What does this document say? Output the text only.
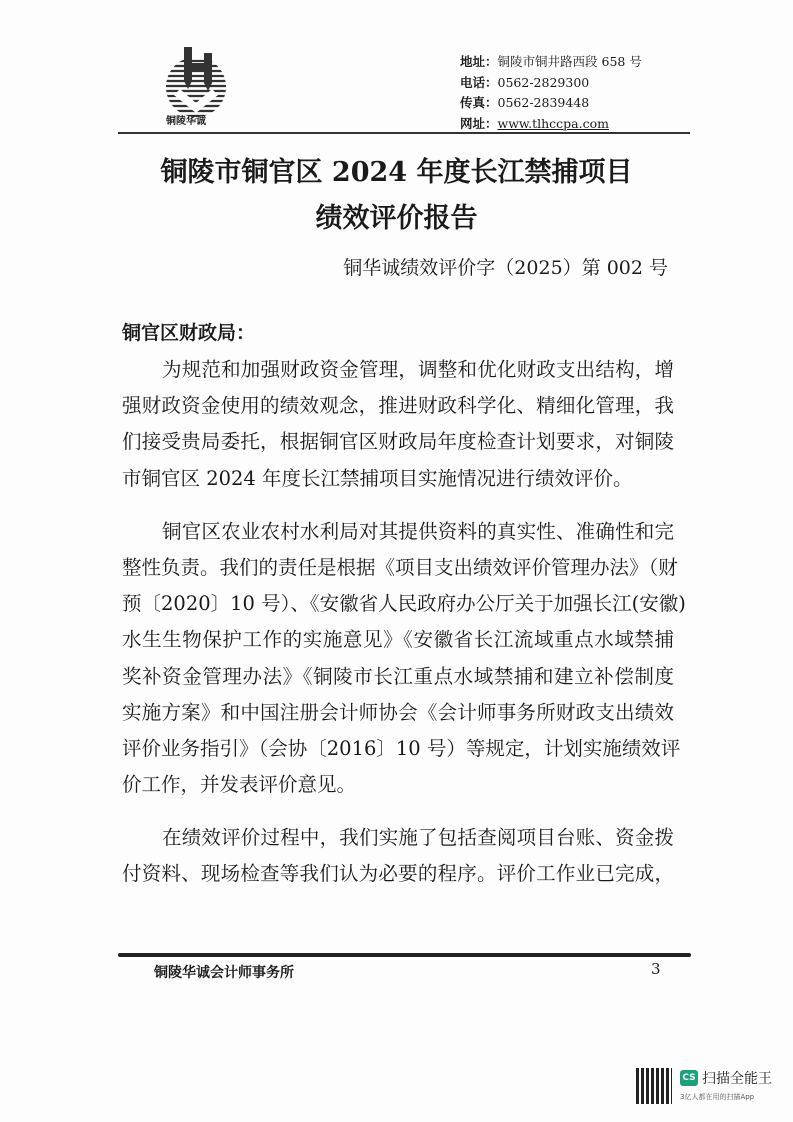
铜陵华诚
地址：铜陵市铜井路西段 658 号
电话：0562-2829300
传真：0562-2839448
网址：www.tlhccpa.com
铜陵市铜官区 2024 年度长江禁捕项目
绩效评价报告
铜华诚绩效评价字（2025）第 002 号
铜官区财政局：
为规范和加强财政资金管理，调整和优化财政支出结构，增
强财政资金使用的绩效观念，推进财政科学化、精细化管理，我
们接受贵局委托，根据铜官区财政局年度检查计划要求，对铜陵
市铜官区 2024 年度长江禁捕项目实施情况进行绩效评价。
铜官区农业农村水利局对其提供资料的真实性、准确性和完
整性负责。我们的责任是根据《项目支出绩效评价管理办法》（财
预〔2020〕10 号）、《安徽省人民政府办公厅关于加强长江(安徽)
水生生物保护工作的实施意见》《安徽省长江流域重点水域禁捕
奖补资金管理办法》《铜陵市长江重点水域禁捕和建立补偿制度
实施方案》和中国注册会计师协会《会计师事务所财政支出绩效
评价业务指引》（会协〔2016〕10 号）等规定，计划实施绩效评
价工作，并发表评价意见。
在绩效评价过程中，我们实施了包括查阅项目台账、资金拨
付资料、现场检查等我们认为必要的程序。评价工作业已完成，
铜陵华诚会计师事务所	3
CS 扫描全能王
3亿人都在用的扫描App
